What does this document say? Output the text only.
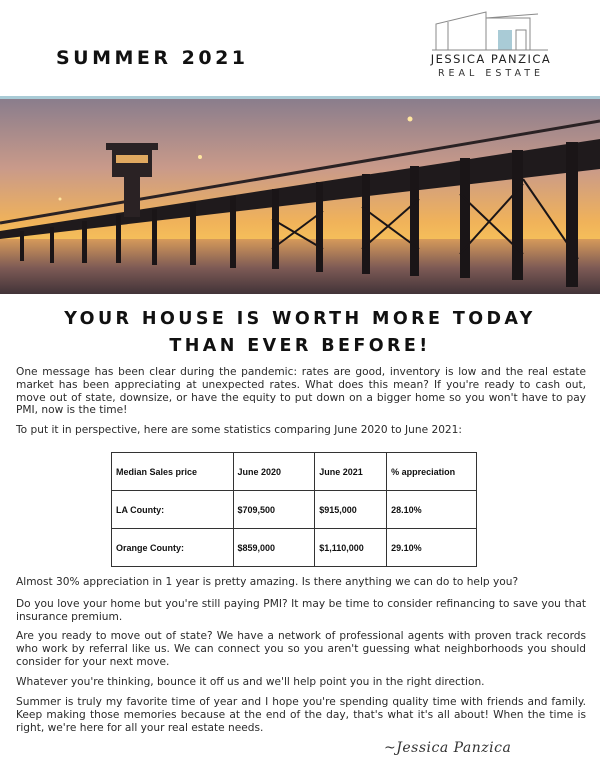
SUMMER 2021	JESSICA PANZICA
REAL ESTATE
YOUR HOUSE IS WORTH MORE TODAY
THAN EVER BEFORE!
One message has been clear during the pandemic: rates are good, inventory is low and the real estate market has been appreciating at unexpected rates. What does this mean? If you're ready to cash out, move out of state, downsize, or have the equity to put down on a bigger home so you won't have to pay PMI, now is the time!
To put it in perspective, here are some statistics comparing June 2020 to June 2021:
Median Sales price	June 2020	June 2021	% appreciation
LA County:	$709,500	$915,000	28.10%
Orange County:	$859,000	$1,110,000	29.10%
Almost 30% appreciation in 1 year is pretty amazing. Is there anything we can do to help you?
Do you love your home but you're still paying PMI? It may be time to consider refinancing to save you that insurance premium.
Are you ready to move out of state? We have a network of professional agents with proven track records who work by referral like us. We can connect you so you aren't guessing what neighborhoods you should consider for your next move.
Whatever you're thinking, bounce it off us and we'll help point you in the right direction.
Summer is truly my favorite time of year and I hope you're spending quality time with friends and family. Keep making those memories because at the end of the day, that's what it's all about! When the time is right, we're here for all your real estate needs.
~Jessica Panzica
